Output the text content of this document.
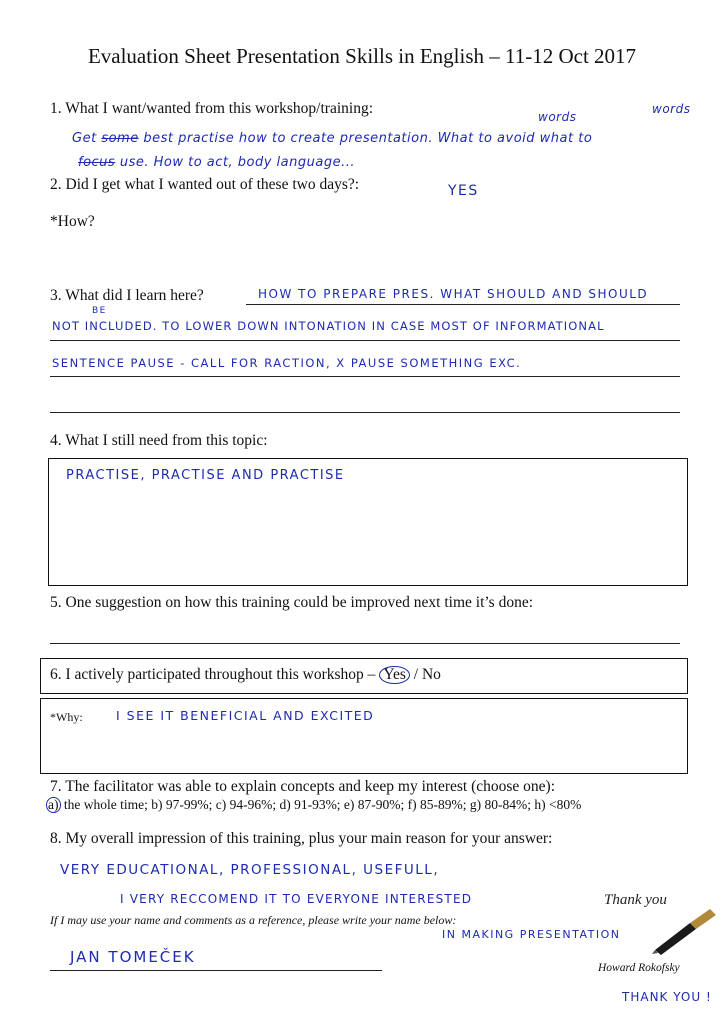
Evaluation Sheet Presentation Skills in English – 11-12 Oct 2017
1. What I want/wanted from this workshop/training:	words
words
Get some best practise how to create presentation. What to avoid what to
focus use. How to act, body language...
2. Did I get what I wanted out of these two days?:	YES
*How?
3. What did I learn here?	HOW TO PREPARE PRES. WHAT SHOULD AND SHOULD
BE
NOT INCLUDED. TO LOWER DOWN INTONATION IN CASE MOST OF INFORMATIONAL
SENTENCE PAUSE - CALL FOR RACTION, X PAUSE SOMETHING EXC.
4. What I still need from this topic:
PRACTISE, PRACTISE AND PRACTISE
5. One suggestion on how this training could be improved next time it’s done:
6. I actively participated throughout this workshop – Yes / No
*Why:	I SEE IT BENEFICIAL AND EXCITED
7. The facilitator was able to explain concepts and keep my interest (choose one):
a) the whole time; b) 97-99%; c) 94-96%; d) 91-93%; e) 87-90%; f) 85-89%; g) 80-84%; h) <80%
8. My overall impression of this training, plus your main reason for your answer:
VERY EDUCATIONAL, PROFESSIONAL, USEFULL,
I VERY RECCOMEND IT TO EVERYONE INTERESTED
If I may use your name and comments as a reference, please write your name below:
IN MAKING PRESENTATION
JAN TOMEČEK
Thank you
Howard Rokofsky
THANK YOU !
